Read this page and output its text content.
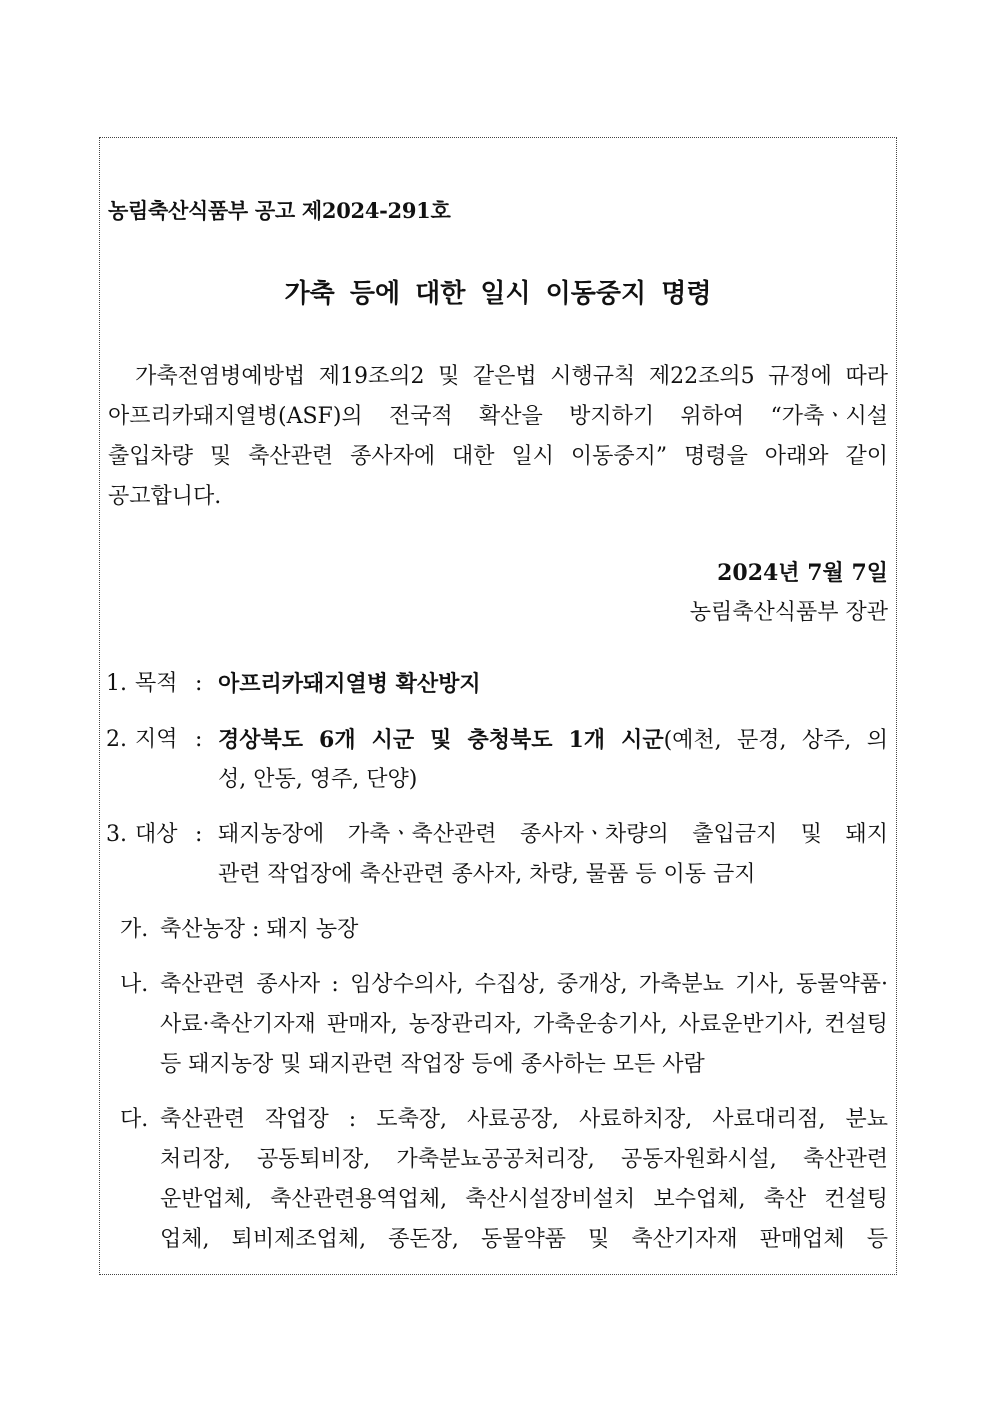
농림축산식품부 공고 제2024-291호
가축 등에 대한 일시 이동중지 명령
가축전염병예방법 제19조의2 및 같은법 시행규칙 제22조의5 규정에 따라
아프리카돼지열병(ASF)의 전국적 확산을 방지하기 위하여 “가축ㆍ시설
출입차량 및 축산관련 종사자에 대한 일시 이동중지” 명령을 아래와 같이
공고합니다.
2024년 7월 7일
농림축산식품부 장관
1. 목적 : 아프리카돼지열병 확산방지
2. 지역 : 경상북도 6개 시군 및 충청북도 1개 시군(예천, 문경, 상주, 의
성, 안동, 영주, 단양)
3. 대상 : 돼지농장에 가축ㆍ축산관련 종사자ㆍ차량의 출입금지 및 돼지
관련 작업장에 축산관련 종사자, 차량, 물품 등 이동 금지
가. 축산농장 : 돼지 농장
나. 축산관련 종사자 : 임상수의사, 수집상, 중개상, 가축분뇨 기사, 동물약품·
사료·축산기자재 판매자, 농장관리자, 가축운송기사, 사료운반기사, 컨설팅
등 돼지농장 및 돼지관련 작업장 등에 종사하는 모든 사람
다. 축산관련 작업장 : 도축장, 사료공장, 사료하치장, 사료대리점, 분뇨
처리장, 공동퇴비장, 가축분뇨공공처리장, 공동자원화시설, 축산관련
운반업체, 축산관련용역업체, 축산시설장비설치 보수업체, 축산 컨설팅
업체, 퇴비제조업체, 종돈장, 동물약품 및 축산기자재 판매업체 등
